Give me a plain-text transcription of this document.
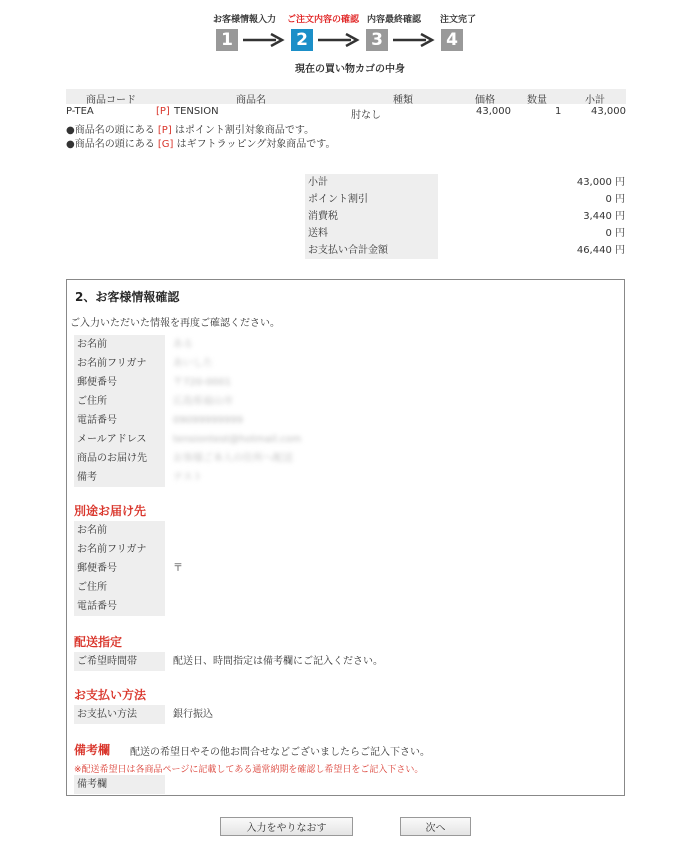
お客様情報入力 ご注文内容の確認 内容最終確認 注文完了
1	2	3	4
現在の買い物カゴの中身
商品コード	商品名	種類	価格	数量	小計
P-TEA	[P] TENSION	肘なし	43,000	1	43,000
●商品名の頭にある [P] はポイント割引対象商品です。
●商品名の頭にある [G] はギフトラッピング対象商品です。
小計	43,000 円
ポイント割引	0 円
消費税	3,440 円
送料	0 円
お支払い合計金額	46,440 円
2、お客様情報確認
ご入力いただいた情報を再度ご確認ください。
お名前	ある
お名前フリガナ	あいした
郵便番号	〒720-0001
ご住所	広島県福山市
電話番号	09099999999
メールアドレス	tensiontest@hotmail.com
商品のお届け先	お客様ご本人の住所へ配送
備考	テスト
別途お届け先
お名前
お名前フリガナ
郵便番号	〒
ご住所
電話番号
配送指定
ご希望時間帯	配送日、時間指定は備考欄にご記入ください。
お支払い方法
お支払い方法	銀行振込
備考欄 配送の希望日やその他お問合せなどございましたらご記入下さい。
※配送希望日は各商品ページに記載してある通常納期を確認し希望日をご記入下さい。
備考欄
入力をやりなおす	次へ
